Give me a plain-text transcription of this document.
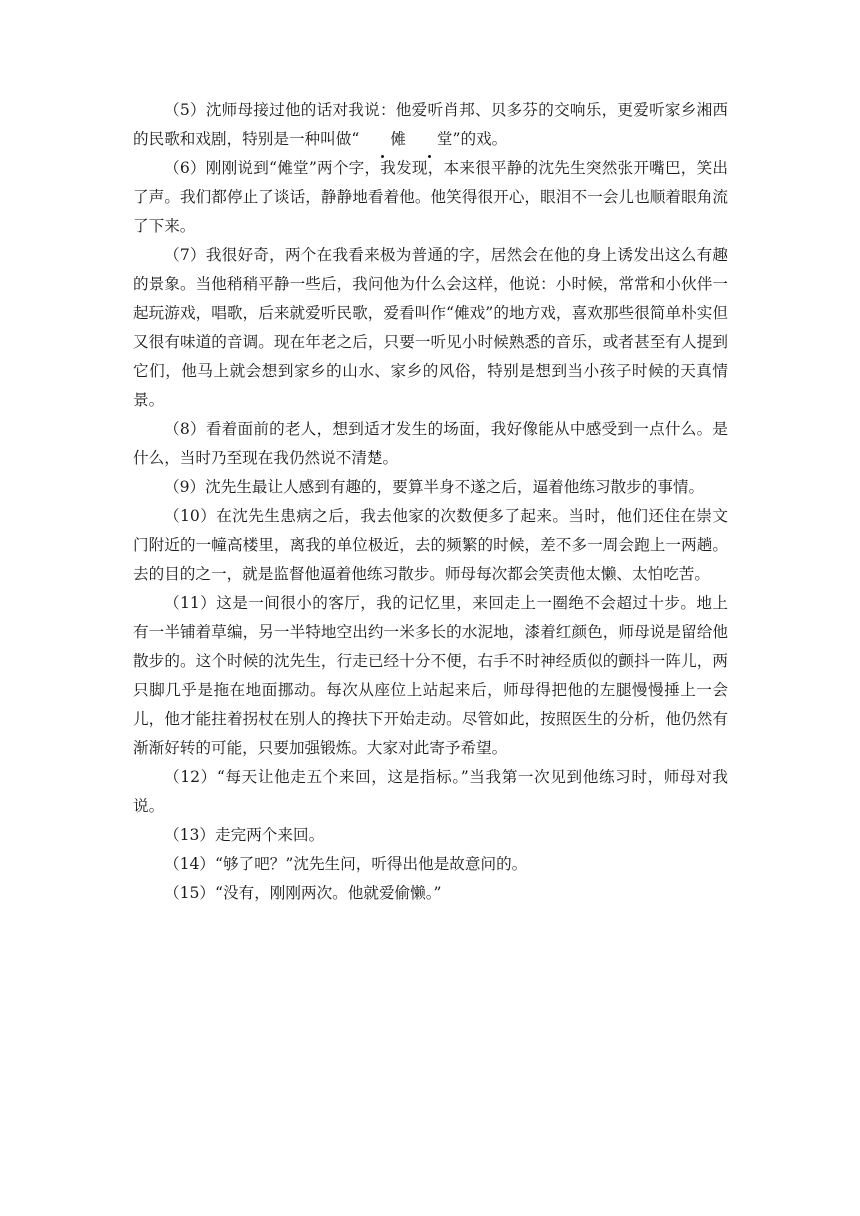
（5）沈师母接过他的话对我说：他爱听肖邦、贝多芬的交响乐，更爱听家乡湘西的民歌和戏剧，特别是一种叫做“ 傩 堂”的戏。

（6）刚刚说到“傩堂”两个字，我发现，本来很平静的沈先生突然张开嘴巴，笑出了声。我们都停止了谈话，静静地看着他。他笑得很开心，眼泪不一会儿也顺着眼角流了下来。

（7）我很好奇，两个在我看来极为普通的字，居然会在他的身上诱发出这么有趣的景象。当他稍稍平静一些后，我问他为什么会这样，他说：小时候，常常和小伙伴一起玩游戏，唱歌，后来就爱听民歌，爱看叫作“傩戏”的地方戏，喜欢那些很简单朴实但又很有味道的音调。现在年老之后，只要一听见小时候熟悉的音乐，或者甚至有人提到它们，他马上就会想到家乡的山水、家乡的风俗，特别是想到当小孩子时候的天真情景。

（8）看着面前的老人，想到适才发生的场面，我好像能从中感受到一点什么。是什么，当时乃至现在我仍然说不清楚。

（9）沈先生最让人感到有趣的，要算半身不遂之后，逼着他练习散步的事情。

（10）在沈先生患病之后，我去他家的次数便多了起来。当时，他们还住在崇文门附近的一幢高楼里，离我的单位极近，去的频繁的时候，差不多一周会跑上一两趟。去的目的之一，就是监督他逼着他练习散步。师母每次都会笑责他太懒、太怕吃苦。

（11）这是一间很小的客厅，我的记忆里，来回走上一圈绝不会超过十步。地上有一半铺着草编，另一半特地空出约一米多长的水泥地，漆着红颜色，师母说是留给他散步的。这个时候的沈先生，行走已经十分不便，右手不时神经质似的颤抖一阵儿，两只脚几乎是拖在地面挪动。每次从座位上站起来后，师母得把他的左腿慢慢捶上一会儿，他才能拄着拐杖在别人的搀扶下开始走动。尽管如此，按照医生的分析，他仍然有渐渐好转的可能，只要加强锻炼。大家对此寄予希望。

（12）“每天让他走五个来回，这是指标。”当我第一次见到他练习时，师母对我说。

（13）走完两个来回。

（14）“够了吧？”沈先生问，听得出他是故意问的。

（15）“没有，刚刚两次。他就爱偷懒。”
